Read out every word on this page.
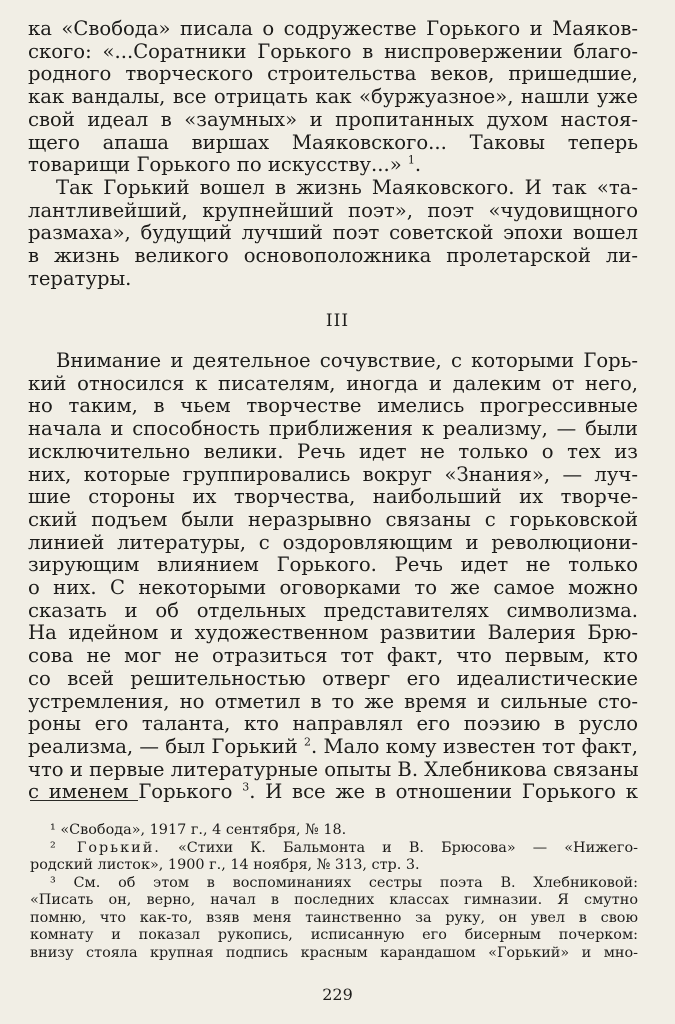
ка «Свобода» писала о содружестве Горького и Маяков-
ского: «...Соратники Горького в ниспровержении благо-
родного творческого строительства веков, пришедшие,
как вандалы, все отрицать как «буржуазное», нашли уже
свой идеал в «заумных» и пропитанных духом настоя-
щего апаша виршах Маяковского... Таковы теперь
товарищи Горького по искусству...» $^1$.
Так Горький вошел в жизнь Маяковского. И так «та-
лантливейший, крупнейший поэт», поэт «чудовищного
размаха», будущий лучший поэт советской эпохи вошел
в жизнь великого основоположника пролетарской ли-
тературы.
III
Внимание и деятельное сочувствие, с которыми Горь-
кий относился к писателям, иногда и далеким от него,
но таким, в чьем творчестве имелись прогрессивные
начала и способность приближения к реализму, — были
исключительно велики. Речь идет не только о тех из
них, которые группировались вокруг «Знания», — луч-
шие стороны их творчества, наибольший их творче-
ский подъем были неразрывно связаны с горьковской
линией литературы, с оздоровляющим и революциони-
зирующим влиянием Горького. Речь идет не только
о них. С некоторыми оговорками то же самое можно
сказать и об отдельных представителях символизма.
На идейном и художественном развитии Валерия Брю-
сова не мог не отразиться тот факт, что первым, кто
со всей решительностью отверг его идеалистические
устремления, но отметил в то же время и сильные сто-
роны его таланта, кто направлял его поэзию в русло
реализма, — был Горький $^2$. Мало кому известен тот факт,
что и первые литературные опыты В. Хлебникова связаны
с именем Горького $^3$. И все же в отношении Горького к
¹ «Свобода», 1917 г., 4 сентября, № 18.
² Горький. «Стихи К. Бальмонта и В. Брюсова» — «Нижего-
родский листок», 1900 г., 14 ноября, № 313, стр. 3.
³ См. об этом в воспоминаниях сестры поэта В. Хлебниковой:
«Писать он, верно, начал в последних классах гимназии. Я смутно
помню, что как-то, взяв меня таинственно за руку, он увел в свою
комнату и показал рукопись, исписанную его бисерным почерком:
внизу стояла крупная подпись красным карандашом «Горький» и мно-
229
